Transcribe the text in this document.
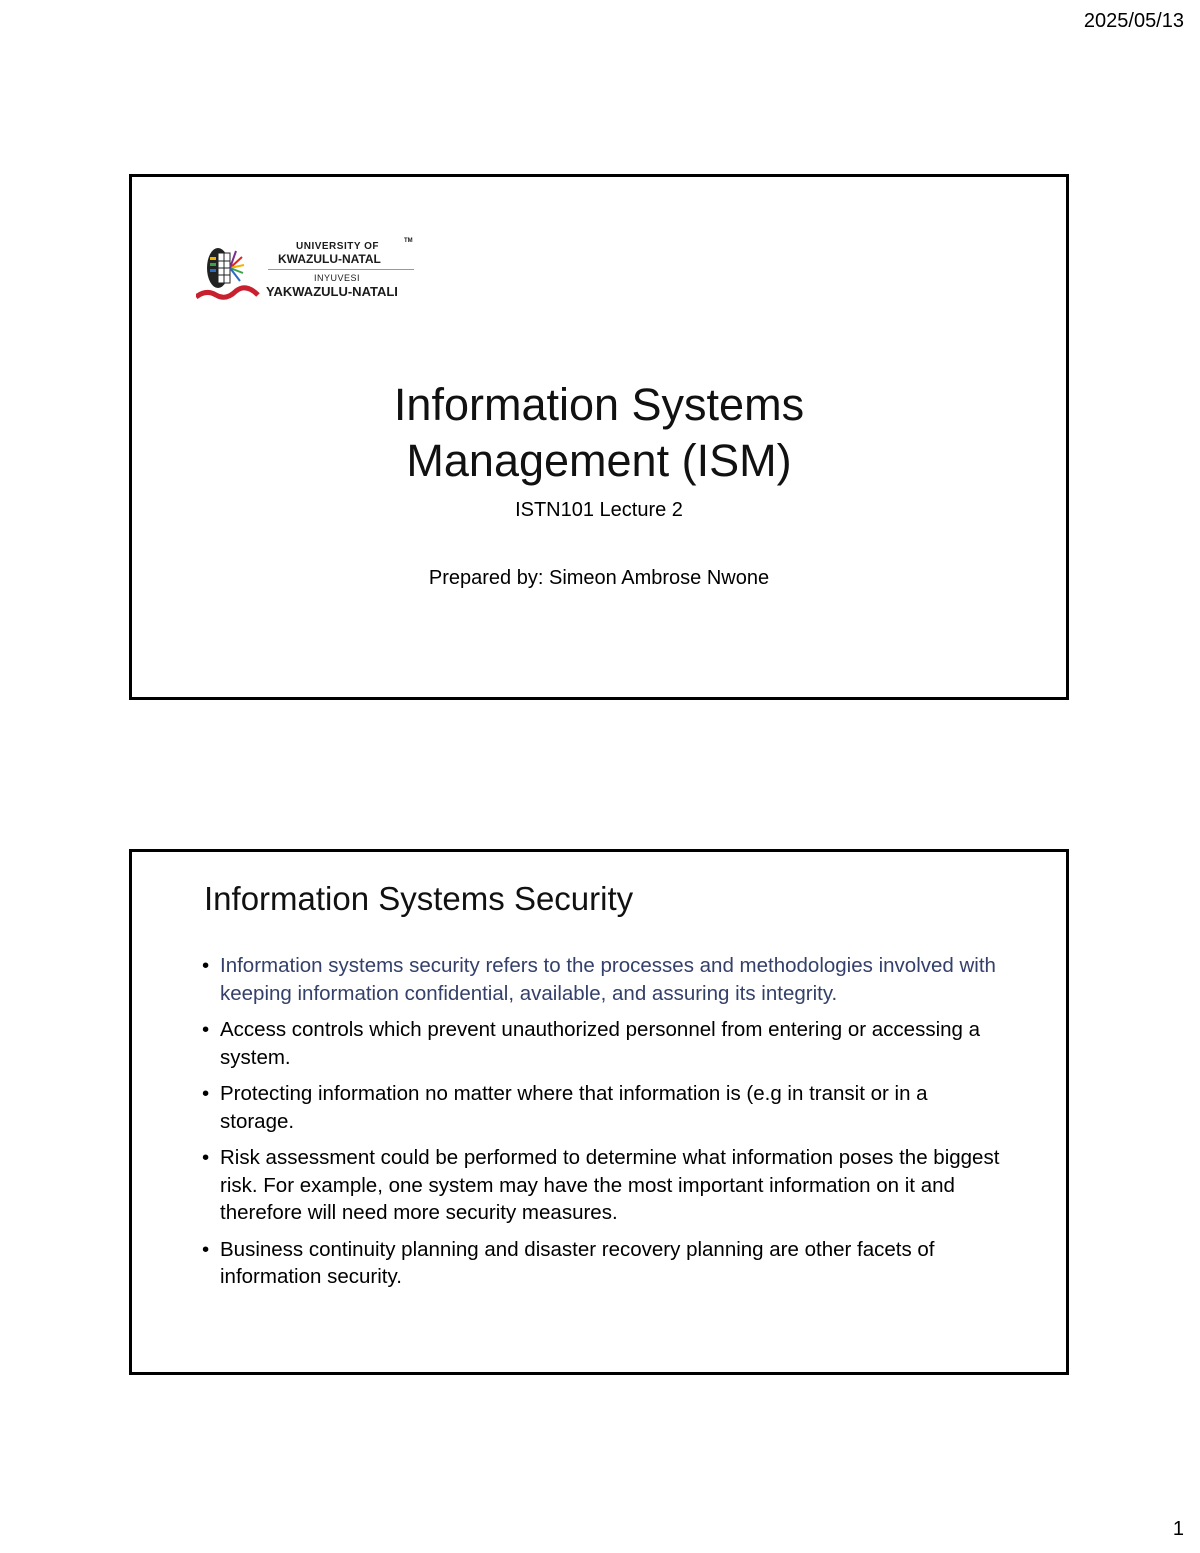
2025/05/13
UNIVERSITY OF	TM
KWAZULU-NATAL
INYUVESI
YAKWAZULU-NATALI
Information Systems
Management (ISM)
ISTN101 Lecture 2
Prepared by: Simeon Ambrose Nwone
Information Systems Security
• Information systems security refers to the processes and methodologies involved with keeping information confidential, available, and assuring its integrity.
• Access controls which prevent unauthorized personnel from entering or accessing a system.
• Protecting information no matter where that information is (e.g in transit or in a storage.
• Risk assessment could be performed to determine what information poses the biggest risk. For example, one system may have the most important information on it and therefore will need more security measures.
• Business continuity planning and disaster recovery planning are other facets of information security.
1
